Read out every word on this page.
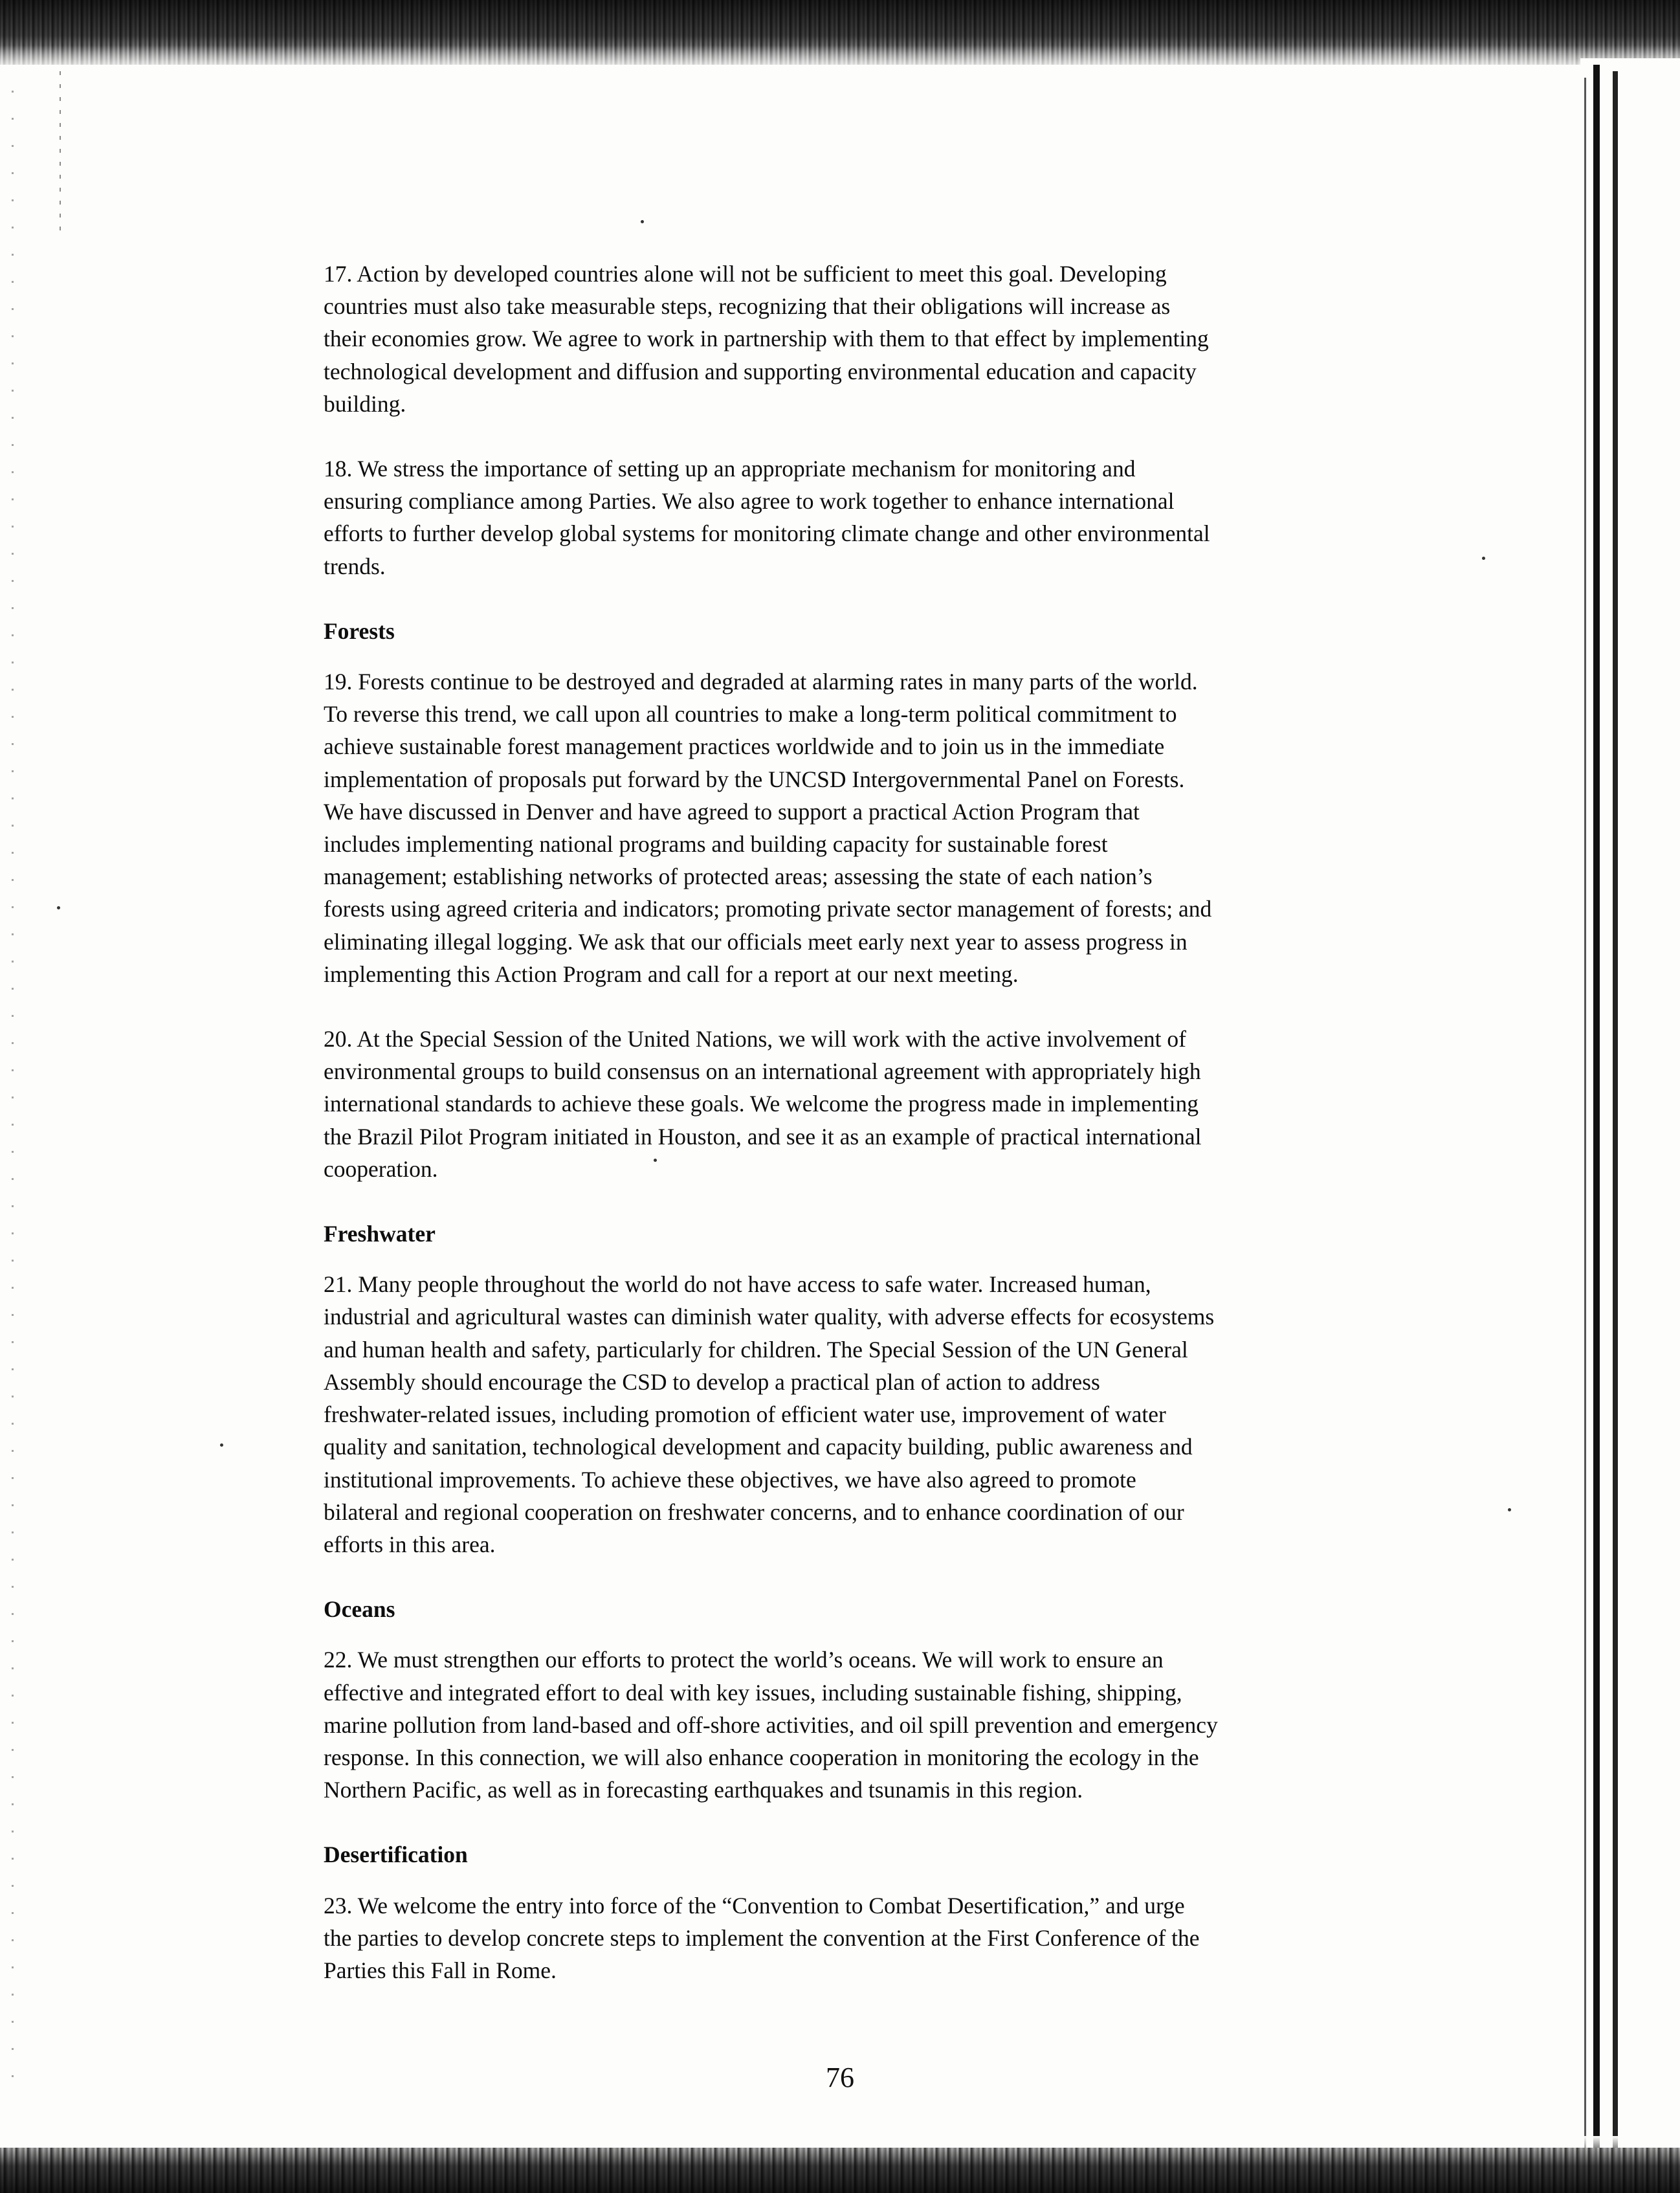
17. Action by developed countries alone will not be sufficient to meet this goal. Developing
countries must also take measurable steps, recognizing that their obligations will increase as
their economies grow. We agree to work in partnership with them to that effect by implementing
technological development and diffusion and supporting environmental education and capacity
building.

18. We stress the importance of setting up an appropriate mechanism for monitoring and
ensuring compliance among Parties. We also agree to work together to enhance international
efforts to further develop global systems for monitoring climate change and other environmental
trends.

Forests

19. Forests continue to be destroyed and degraded at alarming rates in many parts of the world.
To reverse this trend, we call upon all countries to make a long-term political commitment to
achieve sustainable forest management practices worldwide and to join us in the immediate
implementation of proposals put forward by the UNCSD Intergovernmental Panel on Forests.
We have discussed in Denver and have agreed to support a practical Action Program that
includes implementing national programs and building capacity for sustainable forest
management; establishing networks of protected areas; assessing the state of each nation’s
forests using agreed criteria and indicators; promoting private sector management of forests; and
eliminating illegal logging. We ask that our officials meet early next year to assess progress in
implementing this Action Program and call for a report at our next meeting.

20. At the Special Session of the United Nations, we will work with the active involvement of
environmental groups to build consensus on an international agreement with appropriately high
international standards to achieve these goals. We welcome the progress made in implementing
the Brazil Pilot Program initiated in Houston, and see it as an example of practical international
cooperation.

Freshwater

21. Many people throughout the world do not have access to safe water. Increased human,
industrial and agricultural wastes can diminish water quality, with adverse effects for ecosystems
and human health and safety, particularly for children. The Special Session of the UN General
Assembly should encourage the CSD to develop a practical plan of action to address
freshwater-related issues, including promotion of efficient water use, improvement of water
quality and sanitation, technological development and capacity building, public awareness and
institutional improvements. To achieve these objectives, we have also agreed to promote
bilateral and regional cooperation on freshwater concerns, and to enhance coordination of our
efforts in this area.

Oceans

22. We must strengthen our efforts to protect the world’s oceans. We will work to ensure an
effective and integrated effort to deal with key issues, including sustainable fishing, shipping,
marine pollution from land-based and off-shore activities, and oil spill prevention and emergency
response. In this connection, we will also enhance cooperation in monitoring the ecology in the
Northern Pacific, as well as in forecasting earthquakes and tsunamis in this region.

Desertification

23. We welcome the entry into force of the “Convention to Combat Desertification,” and urge
the parties to develop concrete steps to implement the convention at the First Conference of the
Parties this Fall in Rome.

76
